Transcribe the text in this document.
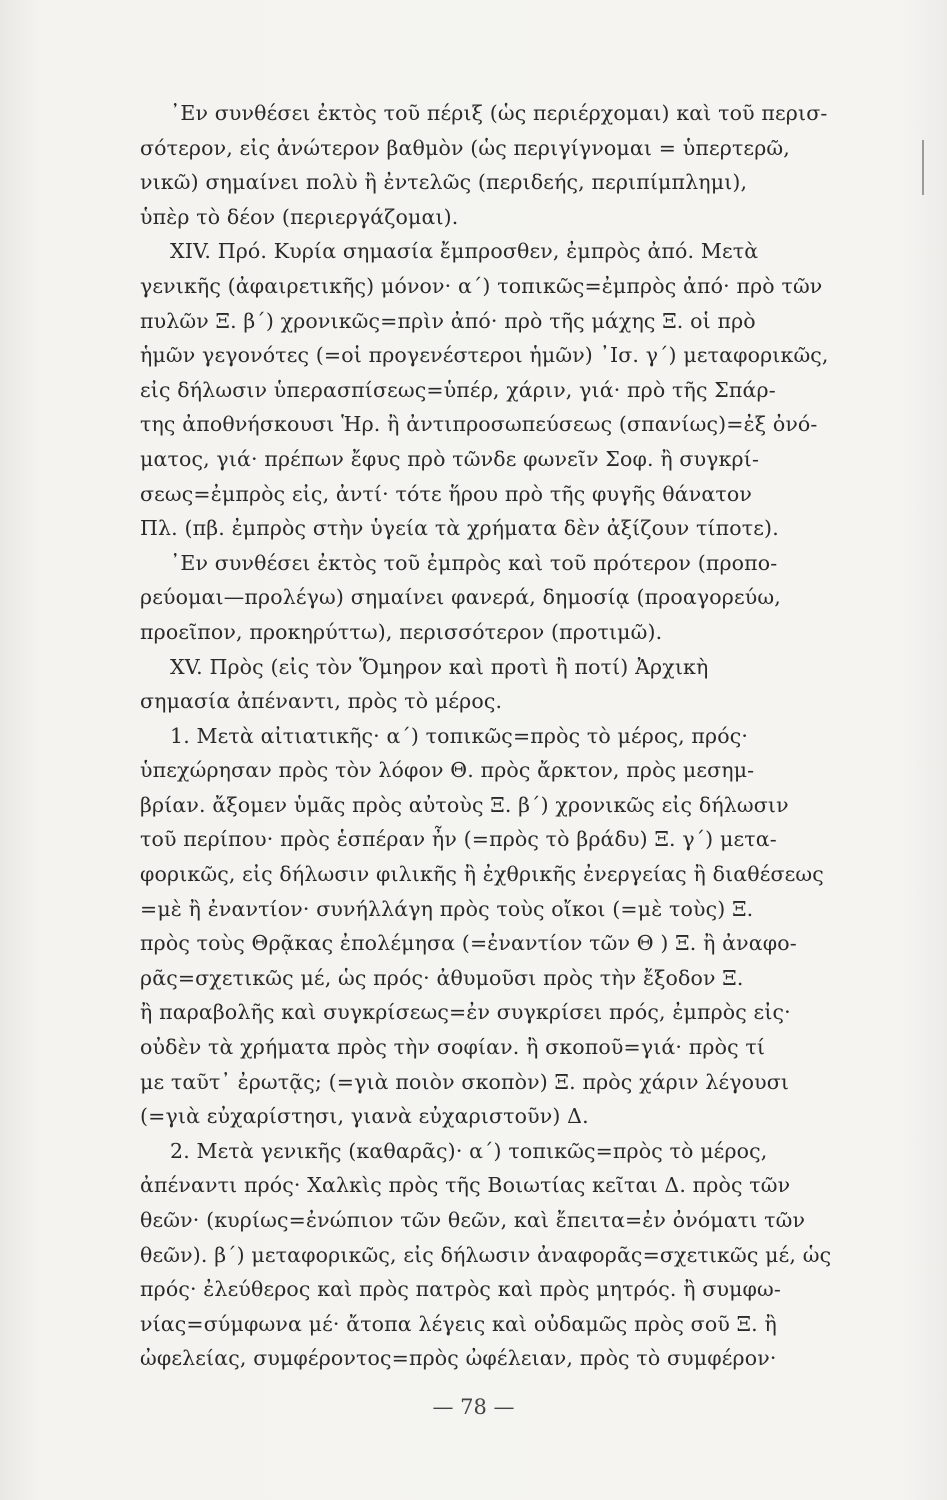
᾽Εν συνθέσει ἐκτὸς τοῦ πέριξ (ὡς περιέρχομαι) καὶ τοῦ περισ-
σότερον, εἰς ἀνώτερον βαθμὸν (ὡς περιγίγνομαι = ὑπερτερῶ,
νικῶ) σημαίνει πολὺ ἢ ἐντελῶς (περιδεής, περιπίμπλημι),
ὑπὲρ τὸ δέον (περιεργάζομαι).
XIV. Πρό. Κυρία σημασία ἔμπροσθεν, ἐμπρὸς ἀπό. Μετὰ
γενικῆς (ἀφαιρετικῆς) μόνον· α΄) τοπικῶς=ἐμπρὸς ἀπό· πρὸ τῶν
πυλῶν Ξ. β΄) χρονικῶς=πρὶν ἀπό· πρὸ τῆς μάχης Ξ. οἱ πρὸ
ἡμῶν γεγονότες (=οἱ προγενέστεροι ἡμῶν) ᾽Ισ. γ΄) μεταφορικῶς,
εἰς δήλωσιν ὑπερασπίσεως=ὑπέρ, χάριν, γιά· πρὸ τῆς Σπάρ-
της ἀποθνήσκουσι Ἡρ. ἢ ἀντιπροσωπεύσεως (σπανίως)=ἐξ ὀνό-
ματος, γιά· πρέπων ἔφυς πρὸ τῶνδε φωνεῖν Σοφ. ἢ συγκρί-
σεως=ἐμπρὸς εἰς, ἀντί· τότε ἥρου πρὸ τῆς φυγῆς θάνατον
Πλ. (πβ. ἐμπρὸς στὴν ὑγεία τὰ χρήματα δὲν ἀξίζουν τίποτε).
᾽Εν συνθέσει ἐκτὸς τοῦ ἐμπρὸς καὶ τοῦ πρότερον (προπο-
ρεύομαι—προλέγω) σημαίνει φανερά, δημοσίᾳ (προαγορεύω,
προεῖπον, προκηρύττω), περισσότερον (προτιμῶ).
XV. Πρὸς (εἰς τὸν Ὅμηρον καὶ προτὶ ἢ ποτί) Ἀρχικὴ
σημασία ἀπέναντι, πρὸς τὸ μέρος.
1. Μετὰ αἰτιατικῆς· α΄) τοπικῶς=πρὸς τὸ μέρος, πρός·
ὑπεχώρησαν πρὸς τὸν λόφον Θ. πρὸς ἄρκτον, πρὸς μεσημ-
βρίαν. ἄξομεν ὑμᾶς πρὸς αὐτοὺς Ξ. β΄) χρονικῶς εἰς δήλωσιν
τοῦ περίπου· πρὸς ἑσπέραν ἦν (=πρὸς τὸ βράδυ) Ξ. γ΄) μετα-
φορικῶς, εἰς δήλωσιν φιλικῆς ἢ ἐχθρικῆς ἐνεργείας ἢ διαθέσεως
=μὲ ἢ ἐναντίον· συνήλλάγη πρὸς τοὺς οἴκοι (=μὲ τοὺς) Ξ.
πρὸς τοὺς Θρᾷκας ἐπολέμησα (=ἐναντίον τῶν Θ ) Ξ. ἢ ἀναφο-
ρᾶς=σχετικῶς μέ, ὡς πρός· ἀθυμοῦσι πρὸς τὴν ἔξοδον Ξ.
ἢ παραβολῆς καὶ συγκρίσεως=ἐν συγκρίσει πρός, ἐμπρὸς εἰς·
οὐδὲν τὰ χρήματα πρὸς τὴν σοφίαν. ἢ σκοποῦ=γιά· πρὸς τί
με ταῦτ᾽ ἐρωτᾷς; (=γιὰ ποιὸν σκοπὸν) Ξ. πρὸς χάριν λέγουσι
(=γιὰ εὐχαρίστησι, γιανὰ εὐχαριστοῦν) Δ.
2. Μετὰ γενικῆς (καθαρᾶς)· α΄) τοπικῶς=πρὸς τὸ μέρος,
ἀπέναντι πρός· Χαλκὶς πρὸς τῆς Βοιωτίας κεῖται Δ. πρὸς τῶν
θεῶν· (κυρίως=ἐνώπιον τῶν θεῶν, καὶ ἔπειτα=ἐν ὀνόματι τῶν
θεῶν). β΄) μεταφορικῶς, εἰς δήλωσιν ἀναφορᾶς=σχετικῶς μέ, ὡς
πρός· ἐλεύθερος καὶ πρὸς πατρὸς καὶ πρὸς μητρός. ἢ συμφω-
νίας=σύμφωνα μέ· ἄτοπα λέγεις καὶ οὐδαμῶς πρὸς σοῦ Ξ. ἢ
ὠφελείας, συμφέροντος=πρὸς ὠφέλειαν, πρὸς τὸ συμφέρον·
— 78 —
